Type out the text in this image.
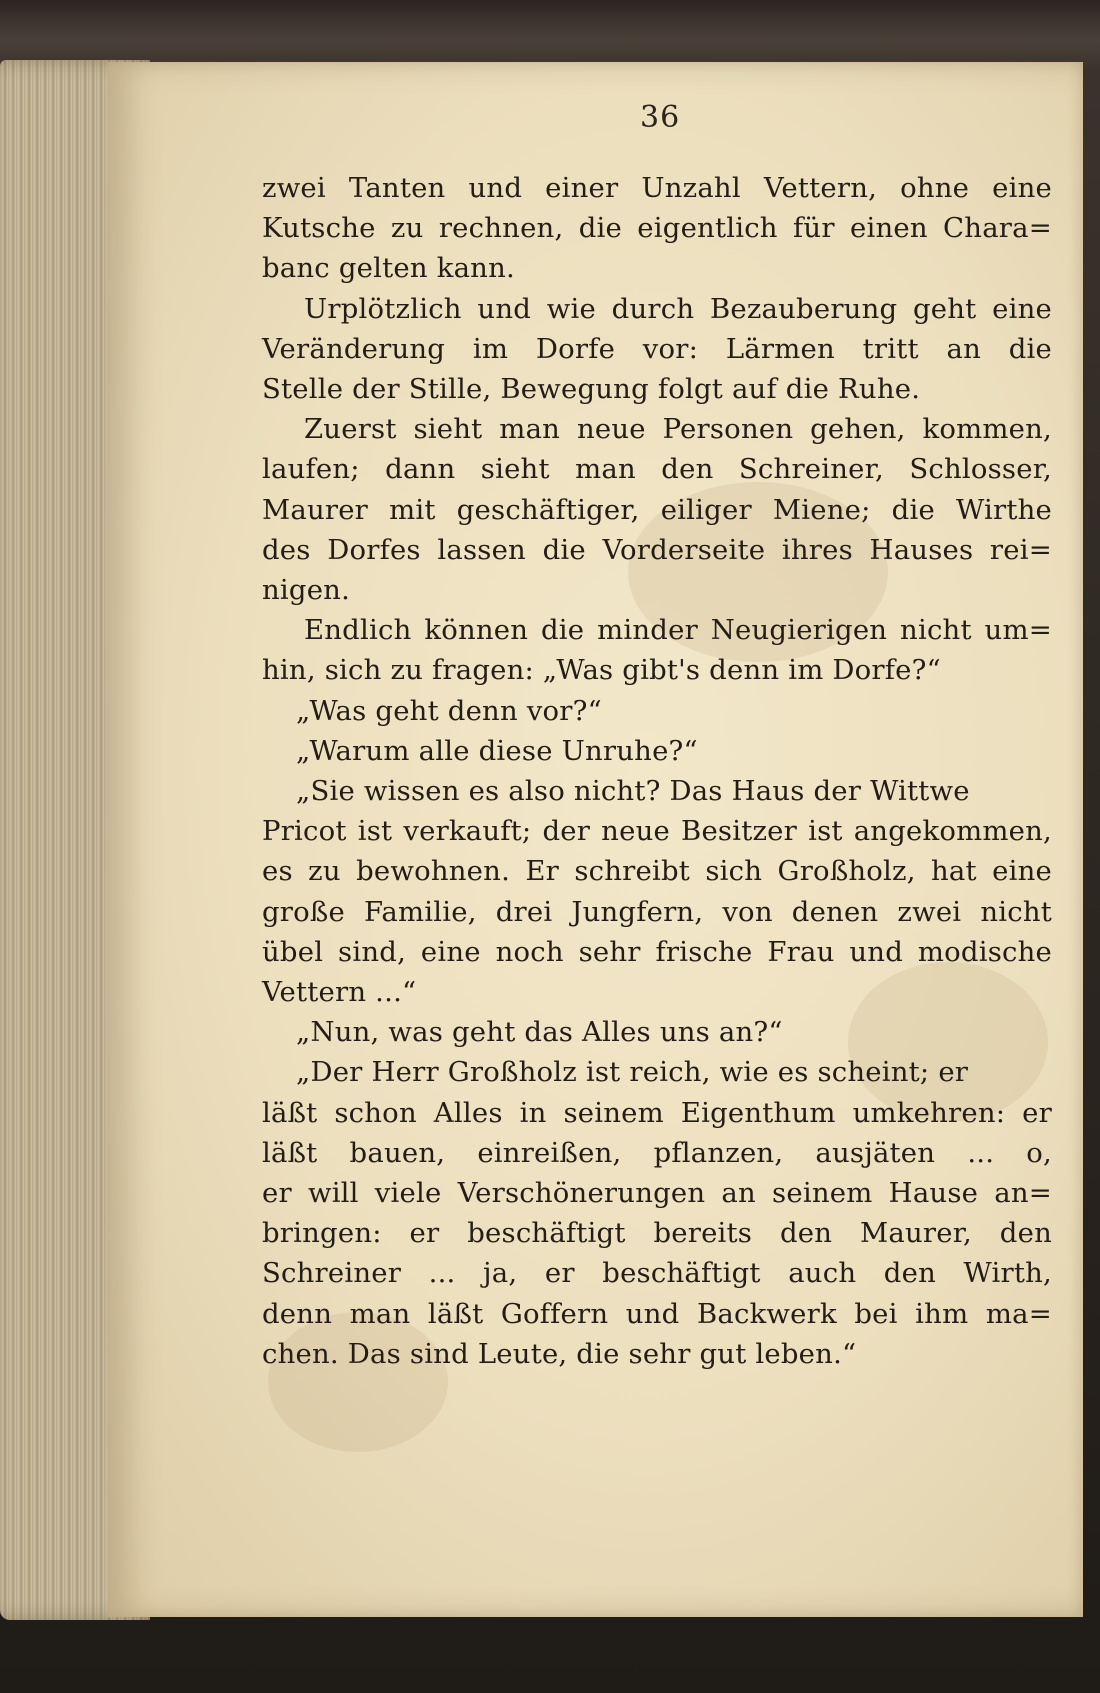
36
zwei Tanten und einer Unzahl Vettern, ohne eine
Kutsche zu rechnen, die eigentlich für einen Chara=
banc gelten kann.
Urplötzlich und wie durch Bezauberung geht eine
Veränderung im Dorfe vor: Lärmen tritt an die
Stelle der Stille, Bewegung folgt auf die Ruhe.
Zuerst sieht man neue Personen gehen, kommen,
laufen; dann sieht man den Schreiner, Schlosser,
Maurer mit geschäftiger, eiliger Miene; die Wirthe
des Dorfes lassen die Vorderseite ihres Hauses rei=
nigen.
Endlich können die minder Neugierigen nicht um=
hin, sich zu fragen: „Was gibt's denn im Dorfe?“
„Was geht denn vor?“
„Warum alle diese Unruhe?“
„Sie wissen es also nicht? Das Haus der Wittwe
Pricot ist verkauft; der neue Besitzer ist angekommen,
es zu bewohnen. Er schreibt sich Großholz, hat eine
große Familie, drei Jungfern, von denen zwei nicht
übel sind, eine noch sehr frische Frau und modische
Vettern ...“
„Nun, was geht das Alles uns an?“
„Der Herr Großholz ist reich, wie es scheint; er
läßt schon Alles in seinem Eigenthum umkehren: er
läßt bauen, einreißen, pflanzen, ausjäten ... o,
er will viele Verschönerungen an seinem Hause an=
bringen: er beschäftigt bereits den Maurer, den
Schreiner ... ja, er beschäftigt auch den Wirth,
denn man läßt Goffern und Backwerk bei ihm ma=
chen. Das sind Leute, die sehr gut leben.“
